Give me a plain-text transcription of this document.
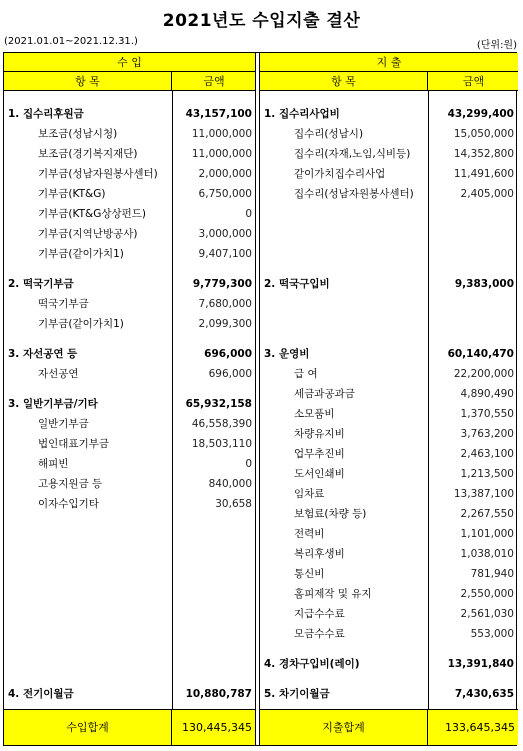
2021년도 수입지출 결산
(2021.01.01~2021.12.31.)	(단위:원)
수 입
항 목	금액
1. 집수리후원금	43,157,100
보조금(성남시청)	11,000,000
보조금(경기복지재단)	11,000,000
기부금(성남자원봉사센터)	2,000,000
기부금(KT&G)	6,750,000
기부금(KT&G상상펀드)	0
기부금(지역난방공사)	3,000,000
기부금(같이가치1)	9,407,100
2. 떡국기부금	9,779,300
떡국기부금	7,680,000
기부금(같이가치1)	2,099,300
3. 자선공연 등	696,000
자선공연	696,000
3. 일반기부금/기타	65,932,158
일반기부금	46,558,390
법인대표기부금	18,503,110
해피빈	0
고용지원금 등	840,000
이자수입기타	30,658
4. 전기이월금	10,880,787
수입합계	130,445,345
지 출
항 목	금액
1. 집수리사업비	43,299,400
집수리(성남시)	15,050,000
집수리(자재,노임,식비등)	14,352,800
같이가치집수리사업	11,491,600
집수리(성남자원봉사센터)	2,405,000
2. 떡국구입비	9,383,000
3. 운영비	60,140,470
급 여	22,200,000
세금과공과금	4,890,490
소모품비	1,370,550
차량유지비	3,763,200
업무추진비	2,463,100
도서인쇄비	1,213,500
임차료	13,387,100
보험료(차량 등)	2,267,550
전력비	1,101,000
복리후생비	1,038,010
통신비	781,940
홈피제작 및 유지	2,550,000
지급수수료	2,561,030
모금수수료	553,000
4. 경차구입비(레이)	13,391,840
5. 차기이월금	7,430,635
지출합계	133,645,345
